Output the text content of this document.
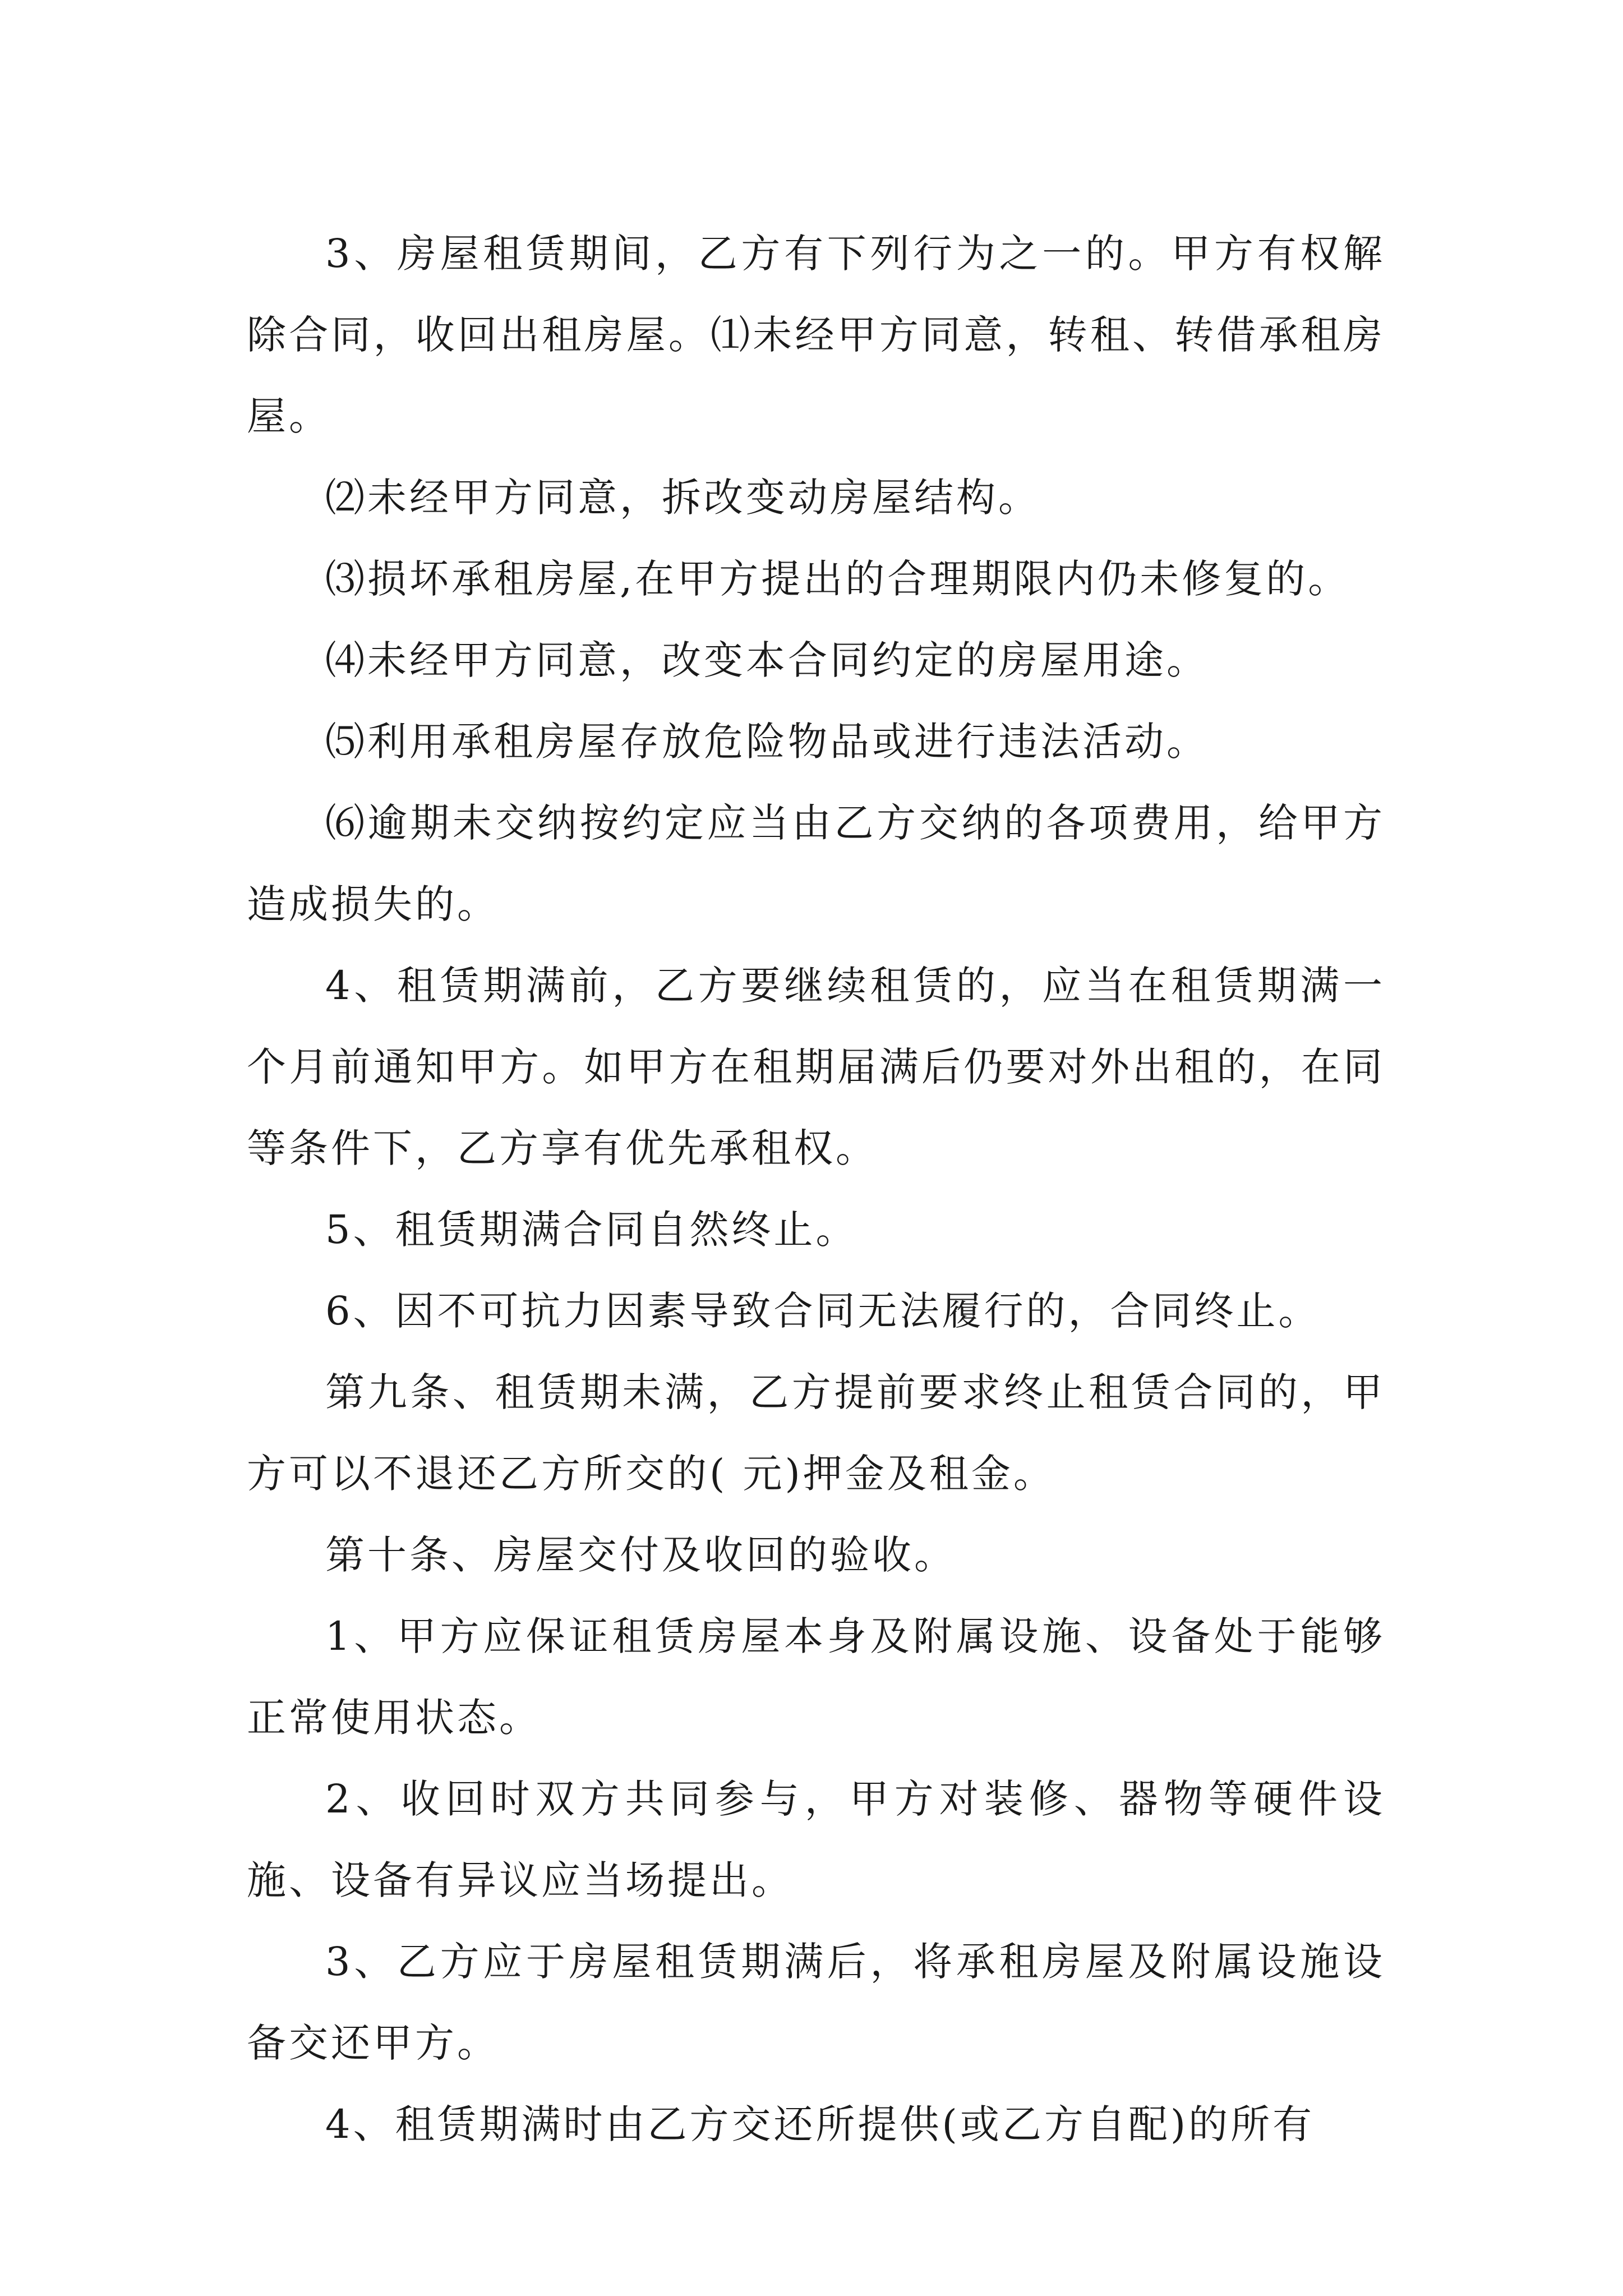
3、房屋租赁期间，乙方有下列行为之一的。甲方有权解除合同，收回出租房屋。⑴未经甲方同意，转租、转借承租房屋。

⑵未经甲方同意，拆改变动房屋结构。

⑶损坏承租房屋,在甲方提出的合理期限内仍未修复的。

⑷未经甲方同意，改变本合同约定的房屋用途。

⑸利用承租房屋存放危险物品或进行违法活动。

⑹逾期未交纳按约定应当由乙方交纳的各项费用，给甲方造成损失的。

4、租赁期满前，乙方要继续租赁的，应当在租赁期满一个月前通知甲方。如甲方在租期届满后仍要对外出租的，在同等条件下，乙方享有优先承租权。

5、租赁期满合同自然终止。

6、因不可抗力因素导致合同无法履行的，合同终止。

第九条、租赁期未满，乙方提前要求终止租赁合同的，甲方可以不退还乙方所交的( 元)押金及租金。

第十条、房屋交付及收回的验收。

1、甲方应保证租赁房屋本身及附属设施、设备处于能够正常使用状态。

2、收回时双方共同参与，甲方对装修、器物等硬件设施、设备有异议应当场提出。

3、乙方应于房屋租赁期满后，将承租房屋及附属设施设备交还甲方。

4、租赁期满时由乙方交还所提供(或乙方自配)的所有
